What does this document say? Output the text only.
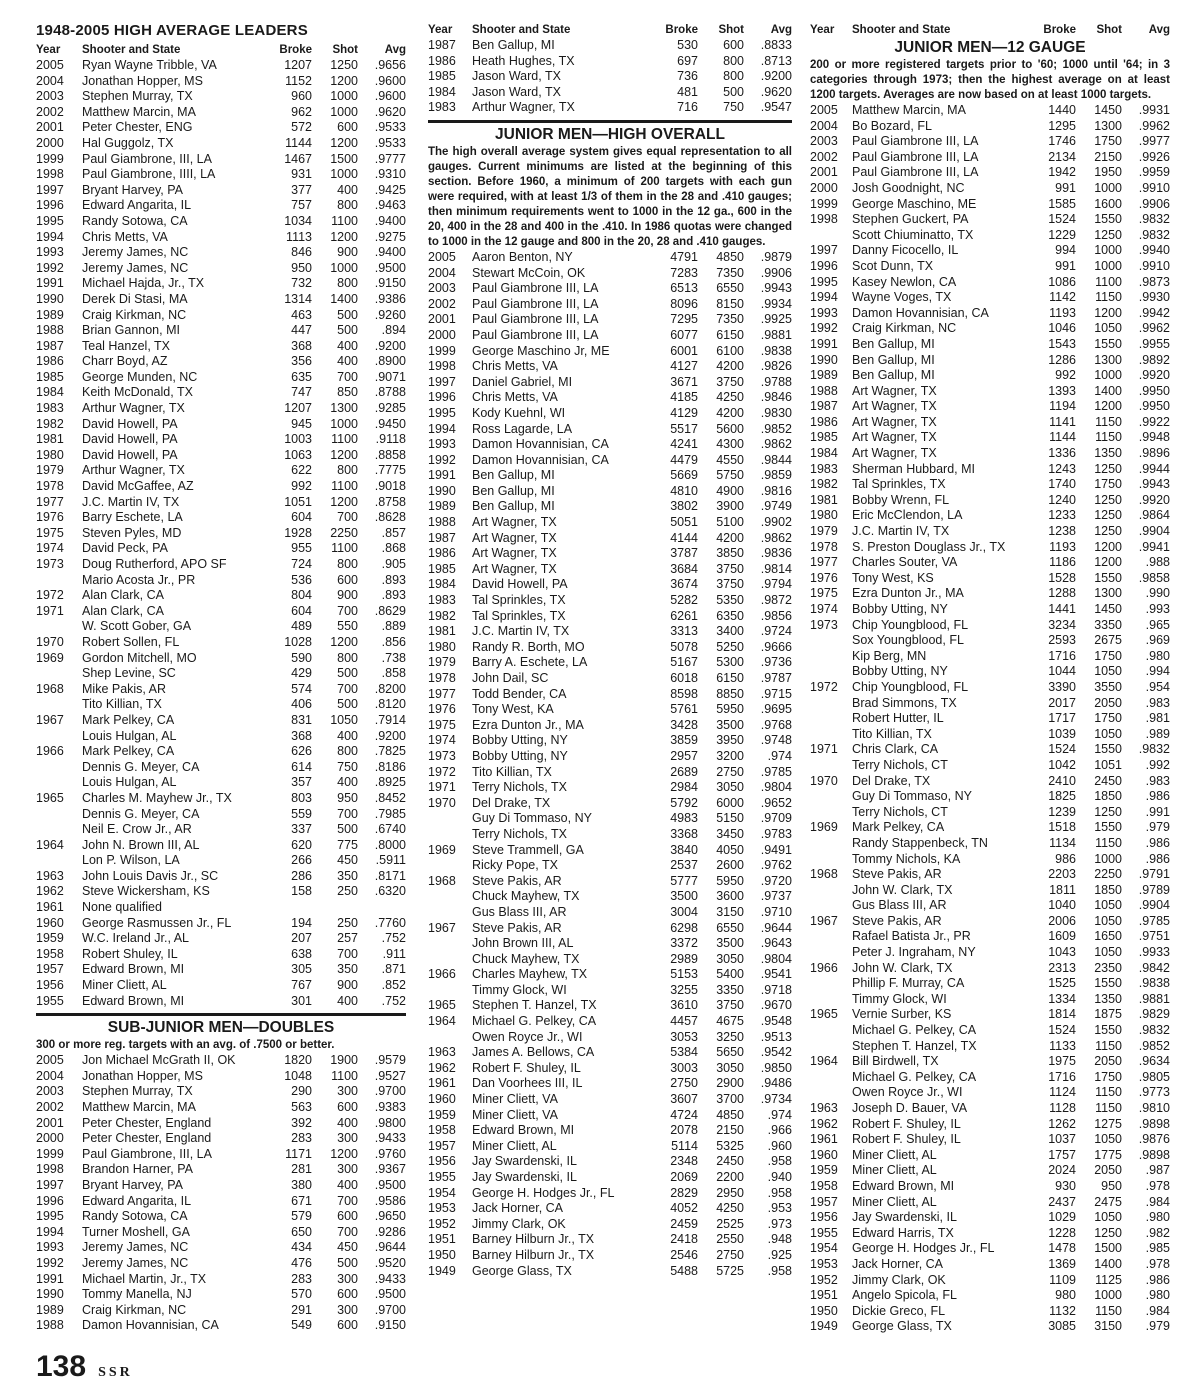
1948-2005 HIGH AVERAGE LEADERS
Year	Shooter and State	Broke	Shot	Avg
2005	Ryan Wayne Tribble, VA	1207	1250	.9656
2004	Jonathan Hopper, MS	1152	1200	.9600
2003	Stephen Murray, TX	960	1000	.9600
2002	Matthew Marcin, MA	962	1000	.9620
2001	Peter Chester, ENG	572	600	.9533
2000	Hal Guggolz, TX	1144	1200	.9533
1999	Paul Giambrone, III, LA	1467	1500	.9777
1998	Paul Giambrone, IIII, LA	931	1000	.9310
1997	Bryant Harvey, PA	377	400	.9425
1996	Edward Angarita, IL	757	800	.9463
1995	Randy Sotowa, CA	1034	1100	.9400
1994	Chris Metts, VA	1113	1200	.9275
1993	Jeremy James, NC	846	900	.9400
1992	Jeremy James, NC	950	1000	.9500
1991	Michael Hajda, Jr., TX	732	800	.9150
1990	Derek Di Stasi, MA	1314	1400	.9386
1989	Craig Kirkman, NC	463	500	.9260
1988	Brian Gannon, MI	447	500	.894
1987	Teal Hanzel, TX	368	400	.9200
1986	Charr Boyd, AZ	356	400	.8900
1985	George Munden, NC	635	700	.9071
1984	Keith McDonald, TX	747	850	.8788
1983	Arthur Wagner, TX	1207	1300	.9285
1982	David Howell, PA	945	1000	.9450
1981	David Howell, PA	1003	1100	.9118
1980	David Howell, PA	1063	1200	.8858
1979	Arthur Wagner, TX	622	800	.7775
1978	David McGaffee, AZ	992	1100	.9018
1977	J.C. Martin IV, TX	1051	1200	.8758
1976	Barry Eschete, LA	604	700	.8628
1975	Steven Pyles, MD	1928	2250	.857
1974	David Peck, PA	955	1100	.868
1973	Doug Rutherford, APO SF	724	800	.905
Mario Acosta Jr., PR	536	600	.893
1972	Alan Clark, CA	804	900	.893
1971	Alan Clark, CA	604	700	.8629
W. Scott Gober, GA	489	550	.889
1970	Robert Sollen, FL	1028	1200	.856
1969	Gordon Mitchell, MO	590	800	.738
Shep Levine, SC	429	500	.858
1968	Mike Pakis, AR	574	700	.8200
Tito Killian, TX	406	500	.8120
1967	Mark Pelkey, CA	831	1050	.7914
Louis Hulgan, AL	368	400	.9200
1966	Mark Pelkey, CA	626	800	.7825
Dennis G. Meyer, CA	614	750	.8186
Louis Hulgan, AL	357	400	.8925
1965	Charles M. Mayhew Jr., TX	803	950	.8452
Dennis G. Meyer, CA	559	700	.7985
Neil E. Crow Jr., AR	337	500	.6740
1964	John N. Brown III, AL	620	775	.8000
Lon P. Wilson, LA	266	450	.5911
1963	John Louis Davis Jr., SC	286	350	.8171
1962	Steve Wickersham, KS	158	250	.6320
1961	None qualified
1960	George Rasmussen Jr., FL	194	250	.7760
1959	W.C. Ireland Jr., AL	207	257	.752
1958	Robert Shuley, IL	638	700	.911
1957	Edward Brown, MI	305	350	.871
1956	Miner Cliett, AL	767	900	.852
1955	Edward Brown, MI	301	400	.752
SUB-JUNIOR MEN—DOUBLES
300 or more reg. targets with an avg. of .7500 or better.
2005	Jon Michael McGrath II, OK	1820	1900	.9579
2004	Jonathan Hopper, MS	1048	1100	.9527
2003	Stephen Murray, TX	290	300	.9700
2002	Matthew Marcin, MA	563	600	.9383
2001	Peter Chester, England	392	400	.9800
2000	Peter Chester, England	283	300	.9433
1999	Paul Giambrone, III, LA	1171	1200	.9760
1998	Brandon Harner, PA	281	300	.9367
1997	Bryant Harvey, PA	380	400	.9500
1996	Edward Angarita, IL	671	700	.9586
1995	Randy Sotowa, CA	579	600	.9650
1994	Turner Moshell, GA	650	700	.9286
1993	Jeremy James, NC	434	450	.9644
1992	Jeremy James, NC	476	500	.9520
1991	Michael Martin, Jr., TX	283	300	.9433
1990	Tommy Manella, NJ	570	600	.9500
1989	Craig Kirkman, NC	291	300	.9700
1988	Damon Hovannisian, CA	549	600	.9150
Year	Shooter and State	Broke	Shot	Avg
1987	Ben Gallup, MI	530	600	.8833
1986	Heath Hughes, TX	697	800	.8713
1985	Jason Ward, TX	736	800	.9200
1984	Jason Ward, TX	481	500	.9620
1983	Arthur Wagner, TX	716	750	.9547
JUNIOR MEN—HIGH OVERALL
The high overall average system gives equal representation to all gauges. Current minimums are listed at the beginning of this section. Before 1960, a minimum of 200 targets with each gun were required, with at least 1/3 of them in the 28 and .410 gauges; then minimum requirements went to 1000 in the 12 ga., 600 in the 20, 400 in the 28 and 400 in the .410. In 1986 quotas were changed to 1000 in the 12 gauge and 800 in the 20, 28 and .410 gauges.
2005	Aaron Benton, NY	4791	4850	.9879
2004	Stewart McCoin, OK	7283	7350	.9906
2003	Paul Giambrone III, LA	6513	6550	.9943
2002	Paul Giambrone III, LA	8096	8150	.9934
2001	Paul Giambrone III, LA	7295	7350	.9925
2000	Paul Giambrone III, LA	6077	6150	.9881
1999	George Maschino Jr, ME	6001	6100	.9838
1998	Chris Metts, VA	4127	4200	.9826
1997	Daniel Gabriel, MI	3671	3750	.9788
1996	Chris Metts, VA	4185	4250	.9846
1995	Kody Kuehnl, WI	4129	4200	.9830
1994	Ross Lagarde, LA	5517	5600	.9852
1993	Damon Hovannisian, CA	4241	4300	.9862
1992	Damon Hovannisian, CA	4479	4550	.9844
1991	Ben Gallup, MI	5669	5750	.9859
1990	Ben Gallup, MI	4810	4900	.9816
1989	Ben Gallup, MI	3802	3900	.9749
1988	Art Wagner, TX	5051	5100	.9902
1987	Art Wagner, TX	4144	4200	.9862
1986	Art Wagner, TX	3787	3850	.9836
1985	Art Wagner, TX	3684	3750	.9814
1984	David Howell, PA	3674	3750	.9794
1983	Tal Sprinkles, TX	5282	5350	.9872
1982	Tal Sprinkles, TX	6261	6350	.9856
1981	J.C. Martin IV, TX	3313	3400	.9724
1980	Randy R. Borth, MO	5078	5250	.9666
1979	Barry A. Eschete, LA	5167	5300	.9736
1978	John Dail, SC	6018	6150	.9787
1977	Todd Bender, CA	8598	8850	.9715
1976	Tony West, KA	5761	5950	.9695
1975	Ezra Dunton Jr., MA	3428	3500	.9768
1974	Bobby Utting, NY	3859	3950	.9748
1973	Bobby Utting, NY	2957	3200	.974
1972	Tito Killian, TX	2689	2750	.9785
1971	Terry Nichols, TX	2984	3050	.9804
1970	Del Drake, TX	5792	6000	.9652
Guy Di Tommaso, NY	4983	5150	.9709
Terry Nichols, TX	3368	3450	.9783
1969	Steve Trammell, GA	3840	4050	.9491
Ricky Pope, TX	2537	2600	.9762
1968	Steve Pakis, AR	5777	5950	.9720
Chuck Mayhew, TX	3500	3600	.9737
Gus Blass III, AR	3004	3150	.9710
1967	Steve Pakis, AR	6298	6550	.9644
John Brown III, AL	3372	3500	.9643
Chuck Mayhew, TX	2989	3050	.9804
1966	Charles Mayhew, TX	5153	5400	.9541
Timmy Glock, WI	3255	3350	.9718
1965	Stephen T. Hanzel, TX	3610	3750	.9670
1964	Michael G. Pelkey, CA	4457	4675	.9548
Owen Royce Jr., WI	3053	3250	.9513
1963	James A. Bellows, CA	5384	5650	.9542
1962	Robert F. Shuley, IL	3003	3050	.9850
1961	Dan Voorhees III, IL	2750	2900	.9486
1960	Miner Cliett, VA	3607	3700	.9734
1959	Miner Cliett, VA	4724	4850	.974
1958	Edward Brown, MI	2078	2150	.966
1957	Miner Cliett, AL	5114	5325	.960
1956	Jay Swardenski, IL	2348	2450	.958
1955	Jay Swardenski, IL	2069	2200	.940
1954	George H. Hodges Jr., FL	2829	2950	.958
1953	Jack Horner, CA	4052	4250	.953
1952	Jimmy Clark, OK	2459	2525	.973
1951	Barney Hilburn Jr., TX	2418	2550	.948
1950	Barney Hilburn Jr., TX	2546	2750	.925
1949	George Glass, TX	5488	5725	.958
Year	Shooter and State	Broke	Shot	Avg
JUNIOR MEN—12 GAUGE
200 or more registered targets prior to '60; 1000 until '64; in 3 categories through 1973; then the highest average on at least 1200 targets. Averages are now based on at least 1000 targets.
2005	Matthew Marcin, MA	1440	1450	.9931
2004	Bo Bozard, FL	1295	1300	.9962
2003	Paul Giambrone III, LA	1746	1750	.9977
2002	Paul Giambrone III, LA	2134	2150	.9926
2001	Paul Giambrone III, LA	1942	1950	.9959
2000	Josh Goodnight, NC	991	1000	.9910
1999	George Maschino, ME	1585	1600	.9906
1998	Stephen Guckert, PA	1524	1550	.9832
Scott Chiuminatto, TX	1229	1250	.9832
1997	Danny Ficocello, IL	994	1000	.9940
1996	Scot Dunn, TX	991	1000	.9910
1995	Kasey Newlon, CA	1086	1100	.9873
1994	Wayne Voges, TX	1142	1150	.9930
1993	Damon Hovannisian, CA	1193	1200	.9942
1992	Craig Kirkman, NC	1046	1050	.9962
1991	Ben Gallup, MI	1543	1550	.9955
1990	Ben Gallup, MI	1286	1300	.9892
1989	Ben Gallup, MI	992	1000	.9920
1988	Art Wagner, TX	1393	1400	.9950
1987	Art Wagner, TX	1194	1200	.9950
1986	Art Wagner, TX	1141	1150	.9922
1985	Art Wagner, TX	1144	1150	.9948
1984	Art Wagner, TX	1336	1350	.9896
1983	Sherman Hubbard, MI	1243	1250	.9944
1982	Tal Sprinkles, TX	1740	1750	.9943
1981	Bobby Wrenn, FL	1240	1250	.9920
1980	Eric McClendon, LA	1233	1250	.9864
1979	J.C. Martin IV, TX	1238	1250	.9904
1978	S. Preston Douglass Jr., TX	1193	1200	.9941
1977	Charles Souter, VA	1186	1200	.988
1976	Tony West, KS	1528	1550	.9858
1975	Ezra Dunton Jr., MA	1288	1300	.990
1974	Bobby Utting, NY	1441	1450	.993
1973	Chip Youngblood, FL	3234	3350	.965
Sox Youngblood, FL	2593	2675	.969
Kip Berg, MN	1716	1750	.980
Bobby Utting, NY	1044	1050	.994
1972	Chip Youngblood, FL	3390	3550	.954
Brad Simmons, TX	2017	2050	.983
Robert Hutter, IL	1717	1750	.981
Tito Killian, TX	1039	1050	.989
1971	Chris Clark, CA	1524	1550	.9832
Terry Nichols, CT	1042	1051	.992
1970	Del Drake, TX	2410	2450	.983
Guy Di Tommaso, NY	1825	1850	.986
Terry Nichols, CT	1239	1250	.991
1969	Mark Pelkey, CA	1518	1550	.979
Randy Stappenbeck, TN	1134	1150	.986
Tommy Nichols, KA	986	1000	.986
1968	Steve Pakis, AR	2203	2250	.9791
John W. Clark, TX	1811	1850	.9789
Gus Blass III, AR	1040	1050	.9904
1967	Steve Pakis, AR	2006	1050	.9785
Rafael Batista Jr., PR	1609	1650	.9751
Peter J. Ingraham, NY	1043	1050	.9933
1966	John W. Clark, TX	2313	2350	.9842
Phillip F. Murray, CA	1525	1550	.9838
Timmy Glock, WI	1334	1350	.9881
1965	Vernie Surber, KS	1814	1875	.9829
Michael G. Pelkey, CA	1524	1550	.9832
Stephen T. Hanzel, TX	1133	1150	.9852
1964	Bill Birdwell, TX	1975	2050	.9634
Michael G. Pelkey, CA	1716	1750	.9805
Owen Royce Jr., WI	1124	1150	.9773
1963	Joseph D. Bauer, VA	1128	1150	.9810
1962	Robert F. Shuley, IL	1262	1275	.9898
1961	Robert F. Shuley, IL	1037	1050	.9876
1960	Miner Cliett, AL	1757	1775	.9898
1959	Miner Cliett, AL	2024	2050	.987
1958	Edward Brown, MI	930	950	.978
1957	Miner Cliett, AL	2437	2475	.984
1956	Jay Swardenski, IL	1029	1050	.980
1955	Edward Harris, TX	1228	1250	.982
1954	George H. Hodges Jr., FL	1478	1500	.985
1953	Jack Horner, CA	1369	1400	.978
1952	Jimmy Clark, OK	1109	1125	.986
1951	Angelo Spicola, FL	980	1000	.980
1950	Dickie Greco, FL	1132	1150	.984
1949	George Glass, TX	3085	3150	.979
138 SSR
